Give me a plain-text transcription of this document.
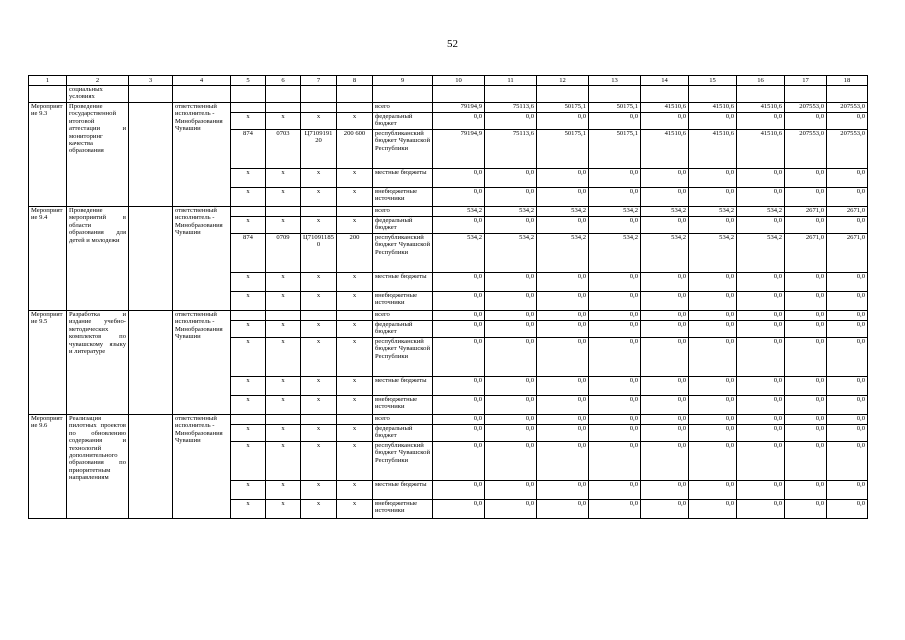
52
1	2	3	4	5	6	7	8	9	10	11	12	13	14	15	16	17	18
	социальных условиях																
Мероприятие 9.3	Проведение государственной итоговой аттестации и мониторинг качества образования		ответственный исполнитель - Минобразования Чувашии					всего	79194,9	75113,6	50175,1	50175,1	41510,6	41510,6	41510,6	207553,0	207553,0
				x	x	x	x	федеральный бюджет	0,0	0,0	0,0	0,0	0,0	0,0	0,0	0,0	0,0
				874	0703	Ц710919120	200 600	республиканский бюджет Чувашской Республики	79194,9	75113,6	50175,1	50175,1	41510,6	41510,6	41510,6	207553,0	207553,0
				x	x	x	x	местные бюджеты	0,0	0,0	0,0	0,0	0,0	0,0	0,0	0,0	0,0
				x	x	x	x	внебюджетные источники	0,0	0,0	0,0	0,0	0,0	0,0	0,0	0,0	0,0
Мероприятие 9.4	Проведение мероприятий в области образования для детей и молодежи		ответственный исполнитель - Минобразования Чувашии					всего	534,2	534,2	534,2	534,2	534,2	534,2	534,2	2671,0	2671,0
				x	x	x	x	федеральный бюджет	0,0	0,0	0,0	0,0	0,0	0,0	0,0	0,0	0,0
				874	0709	Ц710911850	200	республиканский бюджет Чувашской Республики	534,2	534,2	534,2	534,2	534,2	534,2	534,2	2671,0	2671,0
				x	x	x	x	местные бюджеты	0,0	0,0	0,0	0,0	0,0	0,0	0,0	0,0	0,0
				x	x	x	x	внебюджетные источники	0,0	0,0	0,0	0,0	0,0	0,0	0,0	0,0	0,0
Мероприятие 9.5	Разработка и издание учебно-методических комплектов по чувашскому языку и литературе		ответственный исполнитель - Минобразования Чувашии					всего	0,0	0,0	0,0	0,0	0,0	0,0	0,0	0,0	0,0
				x	x	x	x	федеральный бюджет	0,0	0,0	0,0	0,0	0,0	0,0	0,0	0,0	0,0
				x	x	x	x	республиканский бюджет Чувашской Республики	0,0	0,0	0,0	0,0	0,0	0,0	0,0	0,0	0,0
				x	x	x	x	местные бюджеты	0,0	0,0	0,0	0,0	0,0	0,0	0,0	0,0	0,0
				x	x	x	x	внебюджетные источники	0,0	0,0	0,0	0,0	0,0	0,0	0,0	0,0	0,0
Мероприятие 9.6	Реализация пилотных проектов по обновлению содержания и технологий дополнительного образования по приоритетным направлениям		ответственный исполнитель - Минобразования Чувашии					всего	0,0	0,0	0,0	0,0	0,0	0,0	0,0	0,0	0,0
				x	x	x	x	федеральный бюджет	0,0	0,0	0,0	0,0	0,0	0,0	0,0	0,0	0,0
				x	x	x	x	республиканский бюджет Чувашской Республики	0,0	0,0	0,0	0,0	0,0	0,0	0,0	0,0	0,0
				x	x	x	x	местные бюджеты	0,0	0,0	0,0	0,0	0,0	0,0	0,0	0,0	0,0
				x	x	x	x	внебюджетные источники	0,0	0,0	0,0	0,0	0,0	0,0	0,0	0,0	0,0
